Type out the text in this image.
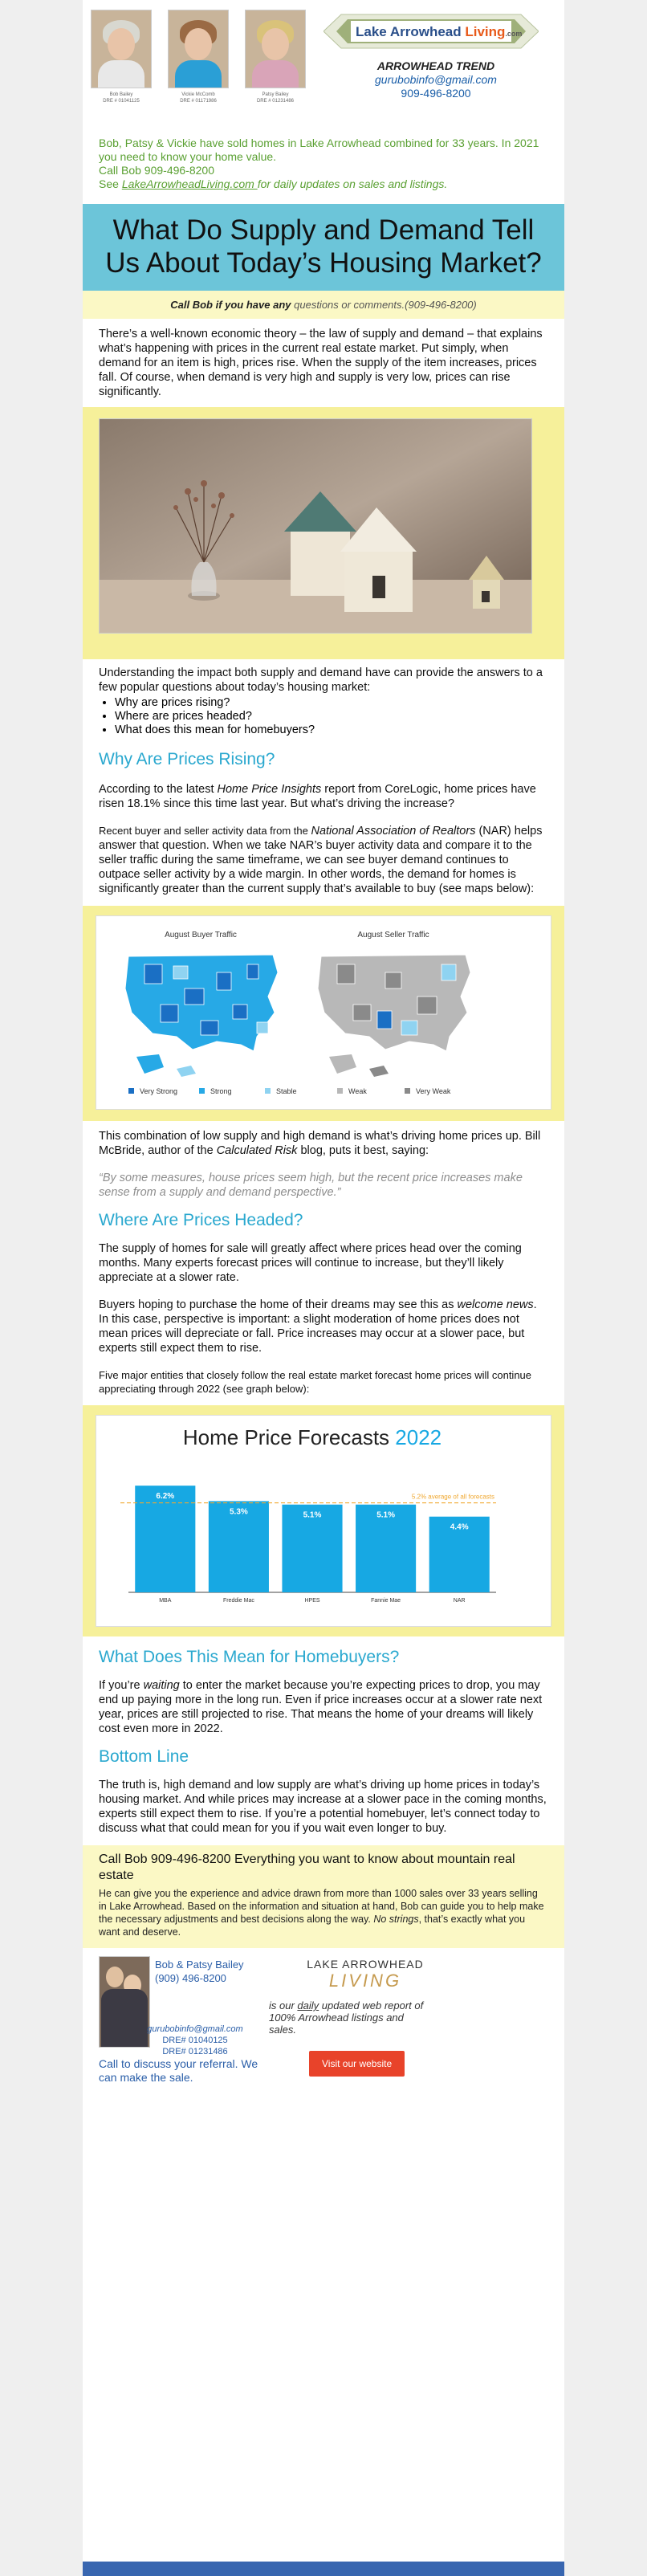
Bob Bailey
DRE # 01041125
Vickie McComb
DRE # 01171986
Patsy Bailey
DRE # 01231486
Lake Arrowhead Living.com
ARROWHEAD TREND
gurubobinfo@gmail.com
909-496-8200
Bob, Patsy & Vickie have sold homes in Lake Arrowhead combined for 33 years. In 2021 you need to know your home value.
Call Bob 909-496-8200
See LakeArrowheadLiving.com for daily updates on sales and listings.
What Do Supply and Demand Tell Us About Today’s Housing Market?
Call Bob if you have any questions or comments.(909-496-8200)
There’s a well-known economic theory – the law of supply and demand – that explains what’s happening with prices in the current real estate market. Put simply, when demand for an item is high, prices rise. When the supply of the item increases, prices fall. Of course, when demand is very high and supply is very low, prices can rise significantly.
Understanding the impact both supply and demand have can provide the answers to a few popular questions about today’s housing market:
• Why are prices rising?
• Where are prices headed?
• What does this mean for homebuyers?
Why Are Prices Rising?
According to the latest Home Price Insights report from CoreLogic, home prices have risen 18.1% since this time last year. But what’s driving the increase?
Recent buyer and seller activity data from the National Association of Realtors (NAR) helps answer that question. When we take NAR’s buyer activity data and compare it to the seller traffic during the same timeframe, we can see buyer demand continues to outpace seller activity by a wide margin. In other words, the demand for homes is significantly greater than the current supply that’s available to buy (see maps below):
August Buyer Traffic	August Seller Traffic
Very Strong	Strong	Stable	Weak	Very Weak
This combination of low supply and high demand is what’s driving home prices up. Bill McBride, author of the Calculated Risk blog, puts it best, saying:
“By some measures, house prices seem high, but the recent price increases make sense from a supply and demand perspective.”
Where Are Prices Headed?
The supply of homes for sale will greatly affect where prices head over the coming months. Many experts forecast prices will continue to increase, but they’ll likely appreciate at a slower rate.
Buyers hoping to purchase the home of their dreams may see this as welcome news. In this case, perspective is important: a slight moderation of home prices does not mean prices will depreciate or fall. Price increases may occur at a slower pace, but experts still expect them to rise.
Five major entities that closely follow the real estate market forecast home prices will continue appreciating through 2022 (see graph below):
Home Price Forecasts 2022
6.2%
MBA
5.3%
Freddie Mac
5.1%
HPES
5.1%
Fannie Mae
4.4%
NAR
5.2% average of all forecasts
What Does This Mean for Homebuyers?
If you’re waiting to enter the market because you’re expecting prices to drop, you may end up paying more in the long run. Even if price increases occur at a slower rate next year, prices are still projected to rise. That means the home of your dreams will likely cost even more in 2022.
Bottom Line
The truth is, high demand and low supply are what’s driving up home prices in today’s housing market. And while prices may increase at a slower pace in the coming months, experts still expect them to rise. If you’re a potential homebuyer, let’s connect today to discuss what that could mean for you if you wait even longer to buy.
Call Bob 909-496-8200 Everything you want to know about mountain real estate
He can give you the experience and advice drawn from more than 1000 sales over 33 years selling in Lake Arrowhead. Based on the information and situation at hand, Bob can guide you to help make the necessary adjustments and best decisions along the way. No strings, that’s exactly what you want and deserve.
Bob & Patsy Bailey
(909) 496-8200
gurubobinfo@gmail.com
DRE# 01040125
DRE# 01231486
Call to discuss your referral. We can make the sale.
LAKE ARROWHEAD
LIVING
is our daily updated web report of 100% Arrowhead listings and sales.
Visit our website
